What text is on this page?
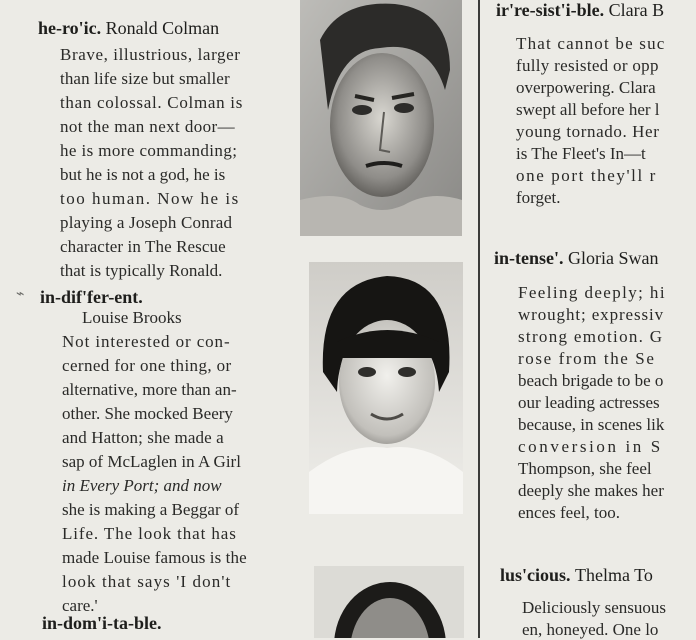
he-ro'ic. Ronald Colman
Brave, illustrious, larger
than life size but smaller
than colossal. Colman is
not the man next door—
he is more commanding;
but he is not a god, he is
too human. Now he is
playing a Joseph Conrad
character in The Rescue
that is typically Ronald.
⌁ in-dif'fer-ent.
Louise Brooks
Not interested or con-
cerned for one thing, or
alternative, more than an-
other. She mocked Beery
and Hatton; she made a
sap of McLaglen in A Girl
in Every Port; and now
she is making a Beggar of
Life. The look that has
made Louise famous is the
look that says 'I don't
care.'
in-dom'i-ta-ble.
ir're-sist'i-ble. Clara B
That cannot be suc
fully resisted or opp
overpowering. Clara
swept all before her l
young tornado. Her
is The Fleet's In—t
one port they'll r
forget.
in-tense'. Gloria Swan
Feeling deeply; hi
wrought; expressiv
strong emotion. G
rose from the Se
beach brigade to be o
our leading actresses
because, in scenes lik
conversion in S
Thompson, she feel
deeply she makes her
ences feel, too.
lus'cious. Thelma To
Deliciously sensuous
en, honeyed. One lo
